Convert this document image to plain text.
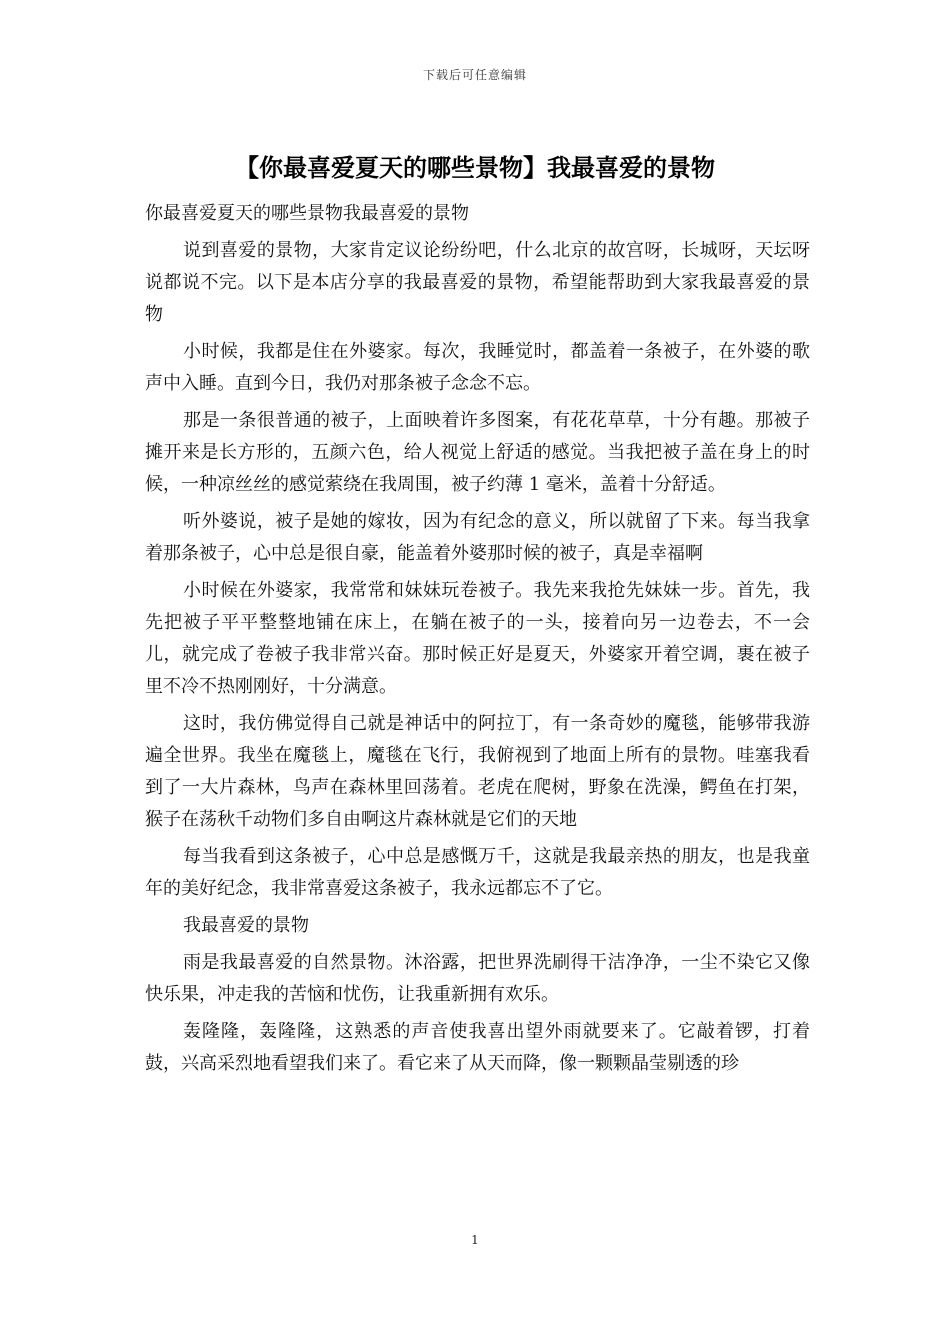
下载后可任意编辑
【你最喜爱夏天的哪些景物】我最喜爱的景物

你最喜爱夏天的哪些景物我最喜爱的景物

说到喜爱的景物，大家肯定议论纷纷吧，什么北京的故宫呀，长城呀，天坛呀说都说不完。以下是本店分享的我最喜爱的景物，希望能帮助到大家我最喜爱的景物

小时候，我都是住在外婆家。每次，我睡觉时，都盖着一条被子，在外婆的歌声中入睡。直到今日，我仍对那条被子念念不忘。

那是一条很普通的被子，上面映着许多图案，有花花草草，十分有趣。那被子摊开来是长方形的，五颜六色，给人视觉上舒适的感觉。当我把被子盖在身上的时候，一种凉丝丝的感觉萦绕在我周围，被子约薄 1 毫米，盖着十分舒适。

听外婆说，被子是她的嫁妆，因为有纪念的意义，所以就留了下来。每当我拿着那条被子，心中总是很自豪，能盖着外婆那时候的被子，真是幸福啊

小时候在外婆家，我常常和妹妹玩卷被子。我先来我抢先妹妹一步。首先，我先把被子平平整整地铺在床上，在躺在被子的一头，接着向另一边卷去，不一会儿，就完成了卷被子我非常兴奋。那时候正好是夏天，外婆家开着空调，裹在被子里不冷不热刚刚好，十分满意。

这时，我仿佛觉得自己就是神话中的阿拉丁，有一条奇妙的魔毯，能够带我游遍全世界。我坐在魔毯上，魔毯在飞行，我俯视到了地面上所有的景物。哇塞我看到了一大片森林，鸟声在森林里回荡着。老虎在爬树，野象在洗澡，鳄鱼在打架，猴子在荡秋千动物们多自由啊这片森林就是它们的天地

每当我看到这条被子，心中总是感慨万千，这就是我最亲热的朋友，也是我童年的美好纪念，我非常喜爱这条被子，我永远都忘不了它。

我最喜爱的景物

雨是我最喜爱的自然景物。沐浴露，把世界洗刷得干洁净净，一尘不染它又像快乐果，冲走我的苦恼和忧伤，让我重新拥有欢乐。

轰隆隆，轰隆隆，这熟悉的声音使我喜出望外雨就要来了。它敲着锣，打着鼓，兴高采烈地看望我们来了。看它来了从天而降，像一颗颗晶莹剔透的珍

1
